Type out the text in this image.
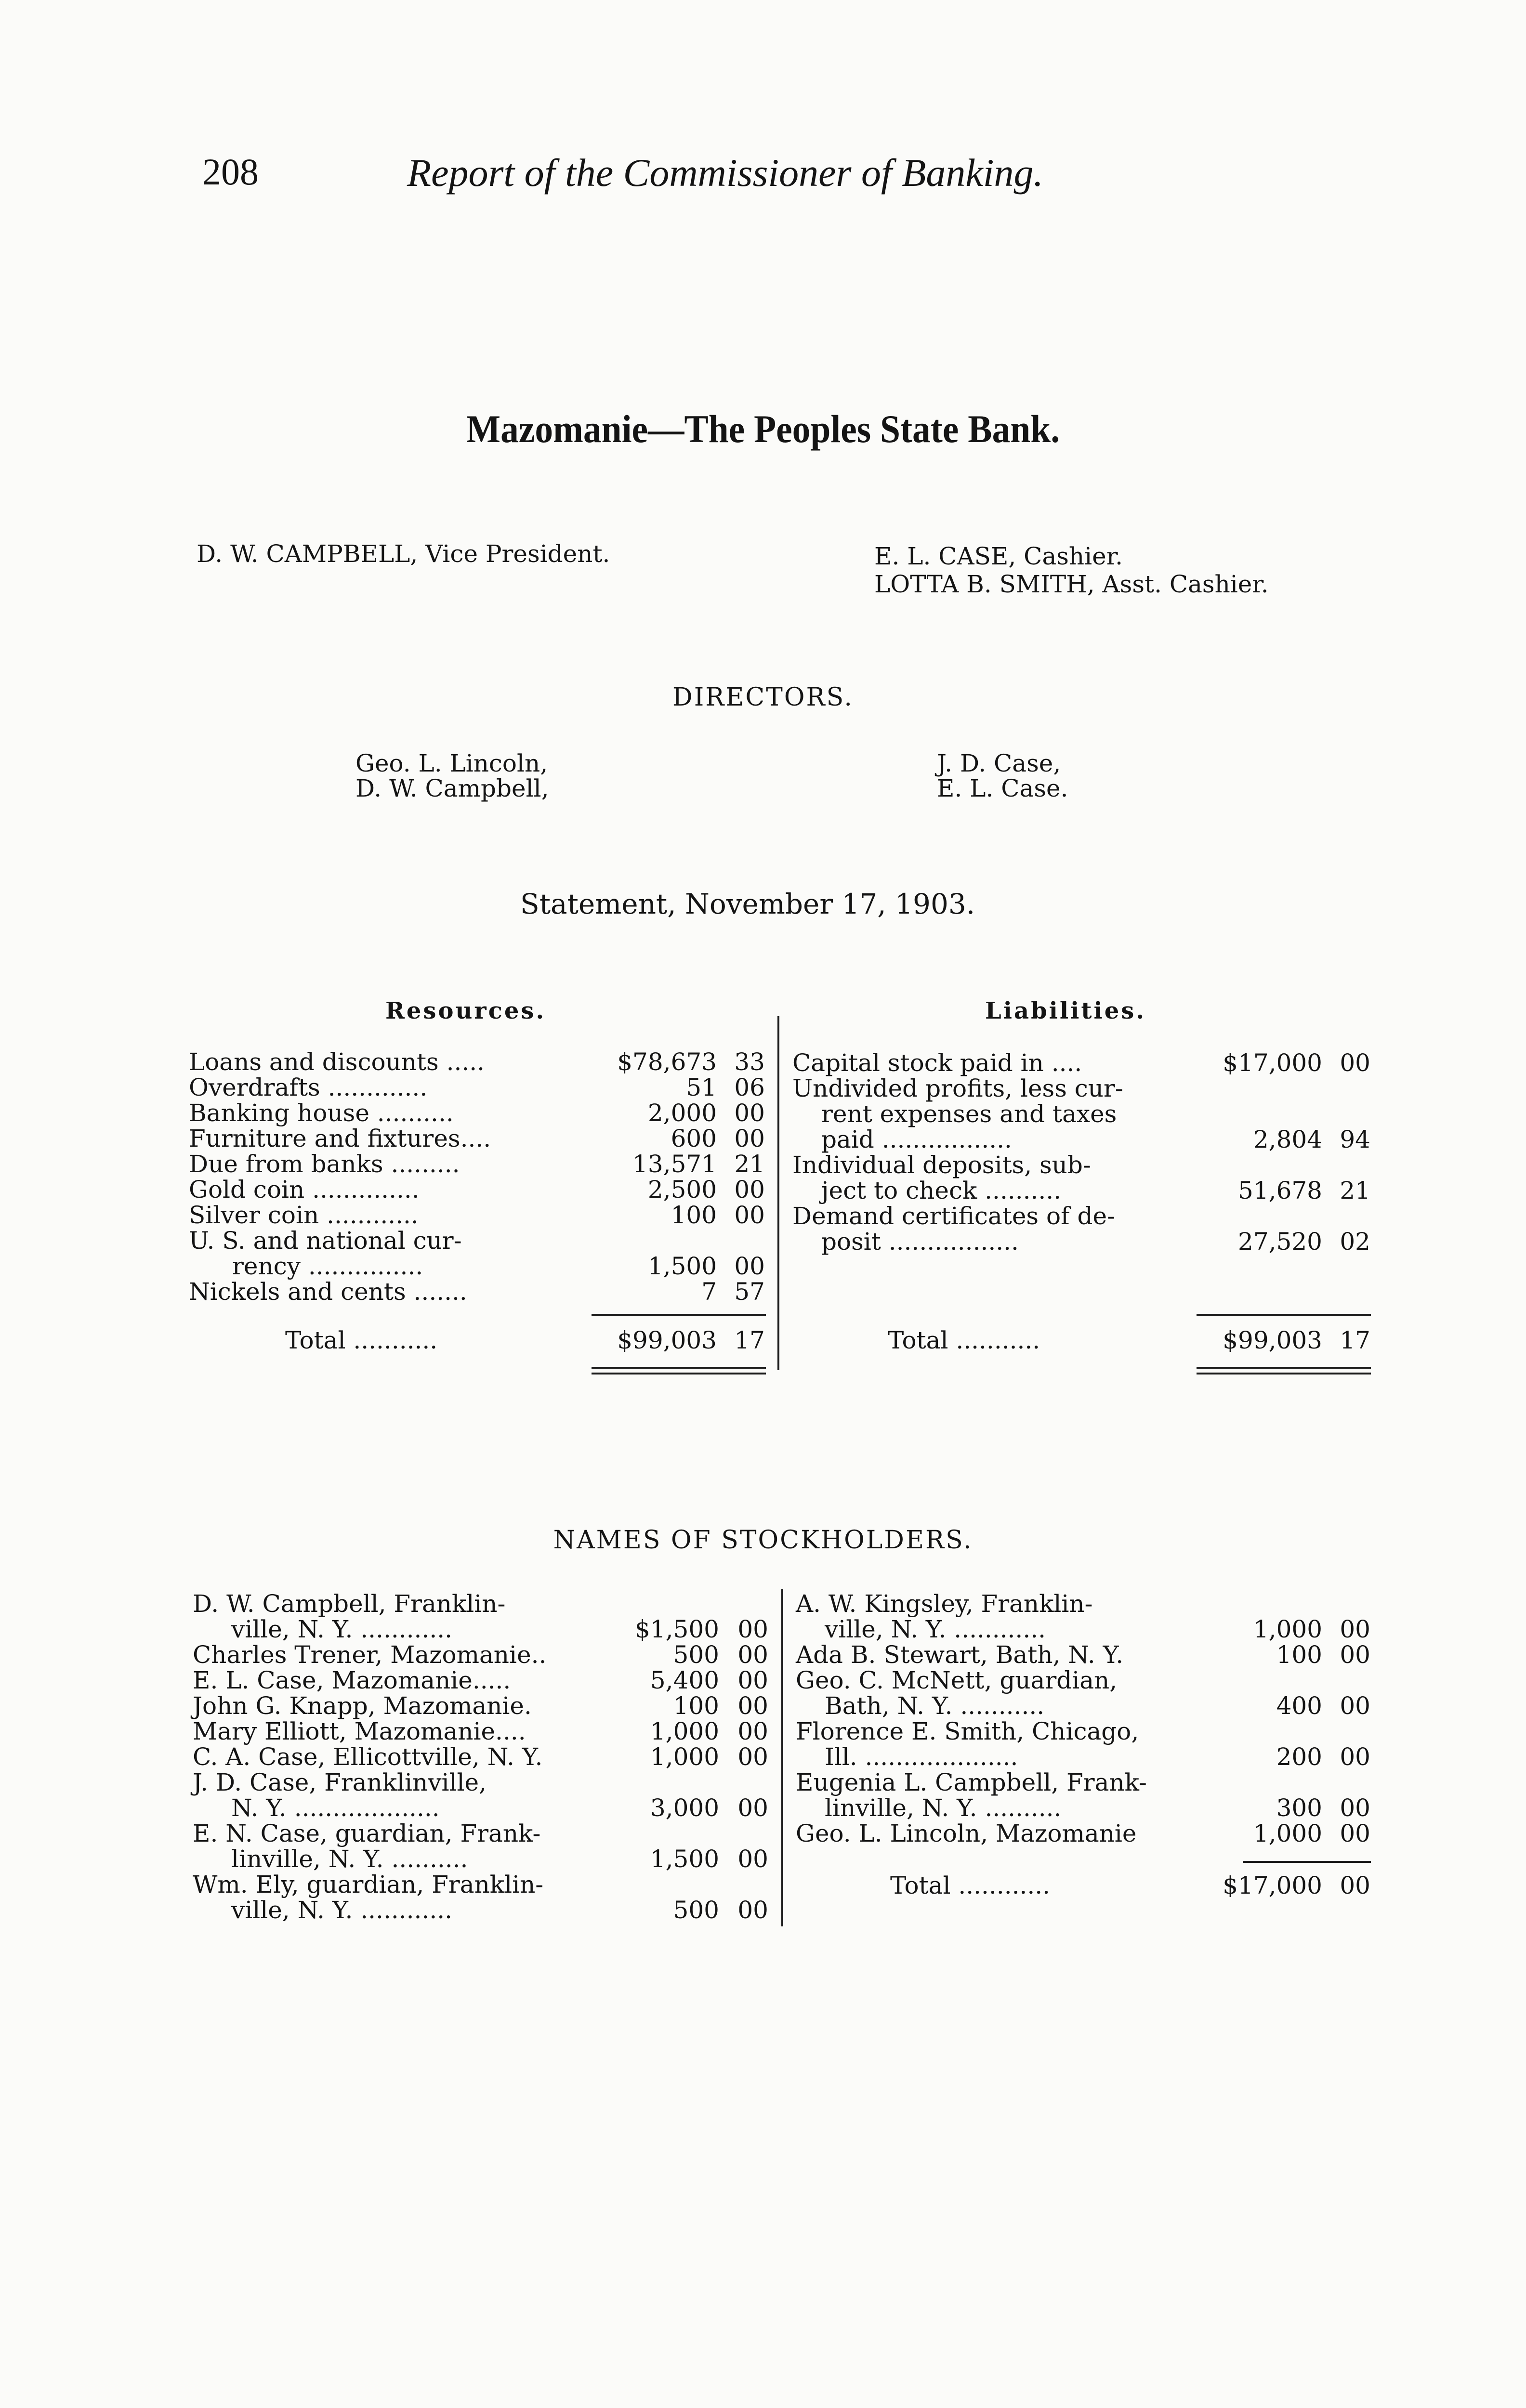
208	Report of the Commissioner of Banking.
Mazomanie—The Peoples State Bank.
D. W. CAMPBELL, Vice President.	E. L. CASE, Cashier.
LOTTA B. SMITH, Asst. Cashier.
DIRECTORS.
Geo. L. Lincoln,
D. W. Campbell,
J. D. Case,
E. L. Case.
Statement, November 17, 1903.
Resources.	Liabilities.
Loans and discounts .....	$78,673 33
Overdrafts .............	51 06
Banking house ..........	2,000 00
Furniture and fixtures....	600 00
Due from banks .........	13,571 21
Gold coin ..............	2,500 00
Silver coin ............	100 00
U. S. and national cur-
rency ...............	1,500 00
Nickels and cents .......	7 57
Total ...........	$99,003 17
Capital stock paid in ....	$17,000 00
Undivided profits, less cur-
rent expenses and taxes
paid .................	2,804 94
Individual deposits, sub-
ject to check ..........	51,678 21
Demand certificates of de-
posit .................	27,520 02
Total ...........	$99,003 17
NAMES OF STOCKHOLDERS.
D. W. Campbell, Franklin-
ville, N. Y. ............	$1,500 00
Charles Trener, Mazomanie..	500 00
E. L. Case, Mazomanie.....	5,400 00
John G. Knapp, Mazomanie.	100 00
Mary Elliott, Mazomanie....	1,000 00
C. A. Case, Ellicottville, N. Y.	1,000 00
J. D. Case, Franklinville,
N. Y. ...................	3,000 00
E. N. Case, guardian, Frank-
linville, N. Y. ..........	1,500 00
Wm. Ely, guardian, Franklin-
ville, N. Y. ............	500 00
A. W. Kingsley, Franklin-
ville, N. Y. ............	1,000 00
Ada B. Stewart, Bath, N. Y.	100 00
Geo. C. McNett, guardian,
Bath, N. Y. ...........	400 00
Florence E. Smith, Chicago,
Ill. ....................	200 00
Eugenia L. Campbell, Frank-
linville, N. Y. ..........	300 00
Geo. L. Lincoln, Mazomanie	1,000 00
Total ............	$17,000 00
